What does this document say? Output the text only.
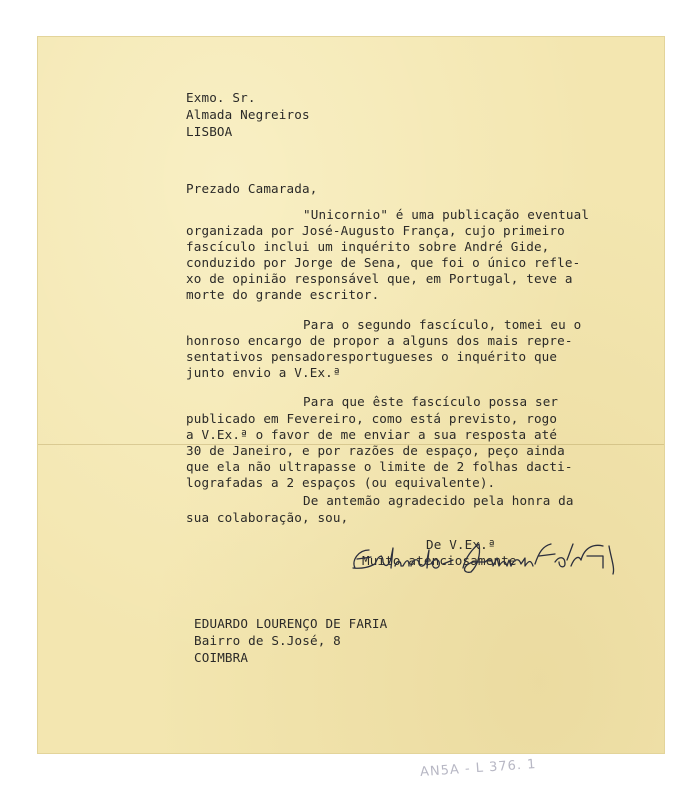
Exmo. Sr.
Almada Negreiros
LISBOA
Prezado Camarada,
"Unicornio" é uma publicação eventual
organizada por José-Augusto França, cujo primeiro
fascículo inclui um inquérito sobre André Gide,
conduzido por Jorge de Sena, que foi o único refle-
xo de opinião responsável que, em Portugal, teve a
morte do grande escritor.
Para o segundo fascículo, tomei eu o
honroso encargo de propor a alguns dos mais repre-
sentativos pensadoresportugueses o inquérito que
junto envio a V.Ex.ª
Para que êste fascículo possa ser
publicado em Fevereiro, como está previsto, rogo
a V.Ex.ª o favor de me enviar a sua resposta até
30 de Janeiro, e por razões de espaço, peço ainda
que ela não ultrapasse o limite de 2 folhas dacti-
lografadas a 2 espaços (ou equivalente).
De antemão agradecido pela honra da
sua colaboração, sou,
De V.Ex.ª
Muito atenciosamente
EDUARDO LOURENÇO DE FARIA
Bairro de S.José, 8
COIMBRA
AN5A - L 376. 1
